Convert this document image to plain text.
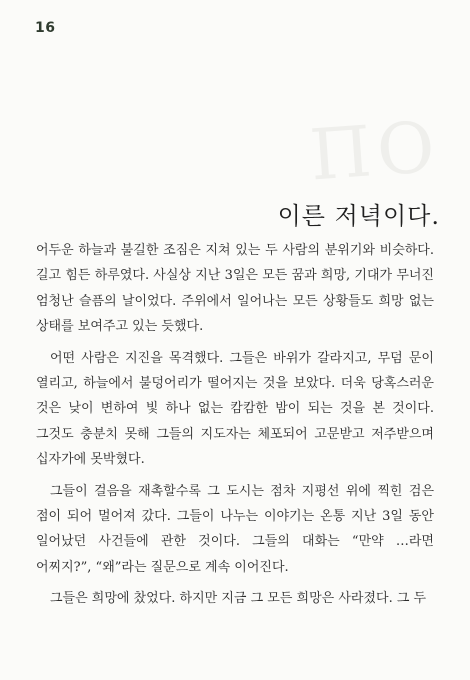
16
ΠΟ
이른 저녁이다.

어두운 하늘과 불길한 조짐은 지쳐 있는 두 사람의 분위기와 비슷하다. 길고 힘든 하루였다. 사실상 지난 3일은 모든 꿈과 희망, 기대가 무너진 엄청난 슬픔의 날이었다. 주위에서 일어나는 모든 상황들도 희망 없는 상태를 보여주고 있는 듯했다.

어떤 사람은 지진을 목격했다. 그들은 바위가 갈라지고, 무덤 문이 열리고, 하늘에서 불덩어리가 떨어지는 것을 보았다. 더욱 당혹스러운 것은 낮이 변하여 빛 하나 없는 캄캄한 밤이 되는 것을 본 것이다. 그것도 충분치 못해 그들의 지도자는 체포되어 고문받고 저주받으며 십자가에 못박혔다.

그들이 걸음을 재촉할수록 그 도시는 점차 지평선 위에 찍힌 검은 점이 되어 멀어져 갔다. 그들이 나누는 이야기는 온통 지난 3일 동안 일어났던 사건들에 관한 것이다. 그들의 대화는 “만약 …라면 어찌지?”, “왜”라는 질문으로 계속 이어진다.

그들은 희망에 찼었다. 하지만 지금 그 모든 희망은 사라졌다. 그 두
